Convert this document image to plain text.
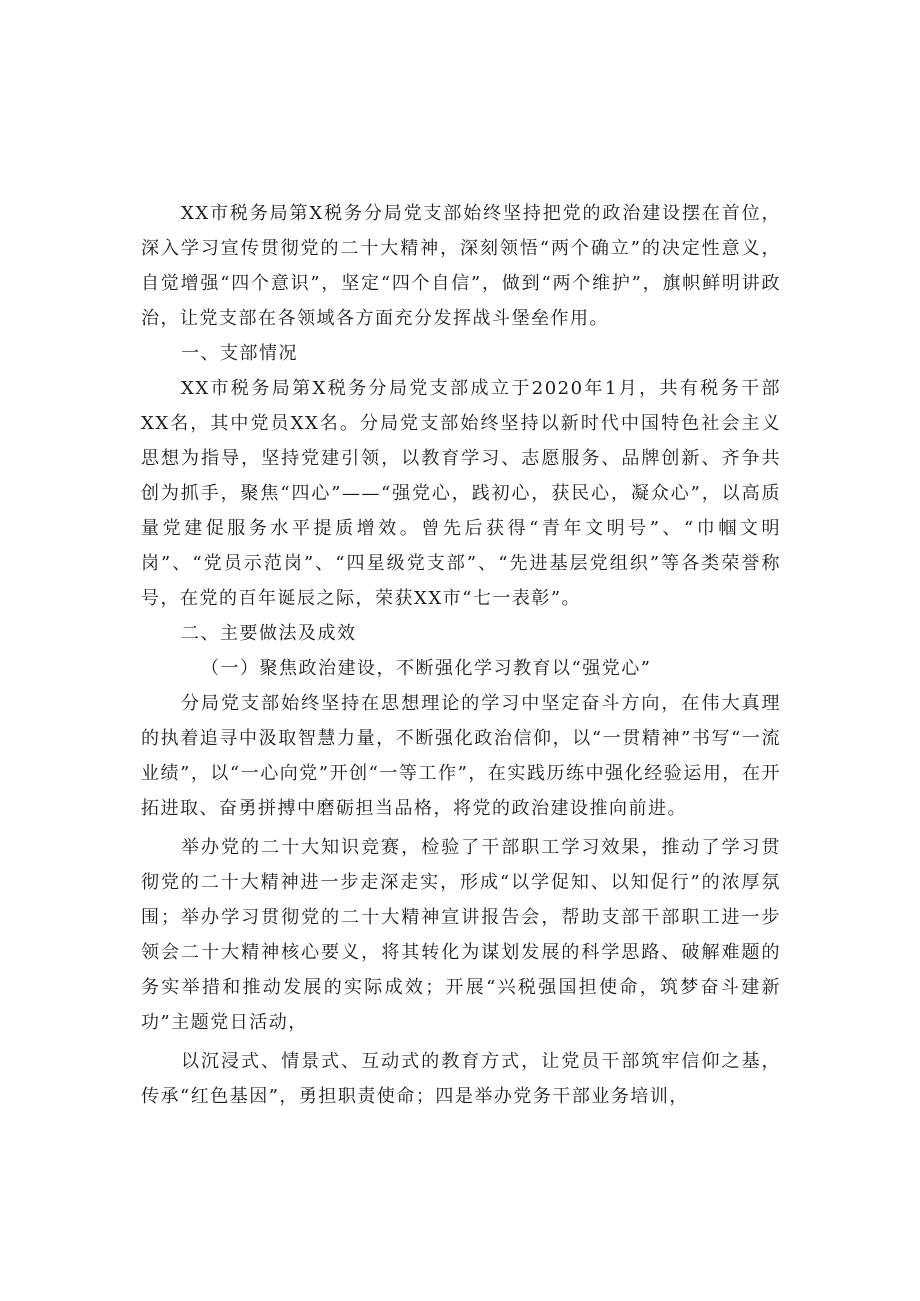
XX市税务局第X税务分局党支部始终坚持把党的政治建设摆在首位，深入学习宣传贯彻党的二十大精神，深刻领悟“两个确立”的决定性意义，自觉增强“四个意识”，坚定“四个自信”，做到“两个维护”，旗帜鲜明讲政治，让党支部在各领域各方面充分发挥战斗堡垒作用。

一、支部情况

XX市税务局第X税务分局党支部成立于2020年1月，共有税务干部XX名，其中党员XX名。分局党支部始终坚持以新时代中国特色社会主义思想为指导，坚持党建引领，以教育学习、志愿服务、品牌创新、齐争共创为抓手，聚焦“四心”——“强党心，践初心，获民心，凝众心”，以高质量党建促服务水平提质增效。曾先后获得“青年文明号”、“巾帼文明岗”、“党员示范岗”、“四星级党支部”、“先进基层党组织”等各类荣誉称号，在党的百年诞辰之际，荣获XX市“七一表彰”。

二、主要做法及成效

（一）聚焦政治建设，不断强化学习教育以“强党心”

分局党支部始终坚持在思想理论的学习中坚定奋斗方向，在伟大真理的执着追寻中汲取智慧力量，不断强化政治信仰，以“一贯精神”书写“一流业绩”，以“一心向党”开创“一等工作”，在实践历练中强化经验运用，在开拓进取、奋勇拼搏中磨砺担当品格，将党的政治建设推向前进。

举办党的二十大知识竞赛，检验了干部职工学习效果，推动了学习贯彻党的二十大精神进一步走深走实，形成“以学促知、以知促行”的浓厚氛围；举办学习贯彻党的二十大精神宣讲报告会，帮助支部干部职工进一步领会二十大精神核心要义，将其转化为谋划发展的科学思路、破解难题的务实举措和推动发展的实际成效；开展“兴税强国担使命，筑梦奋斗建新功”主题党日活动，

以沉浸式、情景式、互动式的教育方式，让党员干部筑牢信仰之基，传承“红色基因”，勇担职责使命；四是举办党务干部业务培训，
